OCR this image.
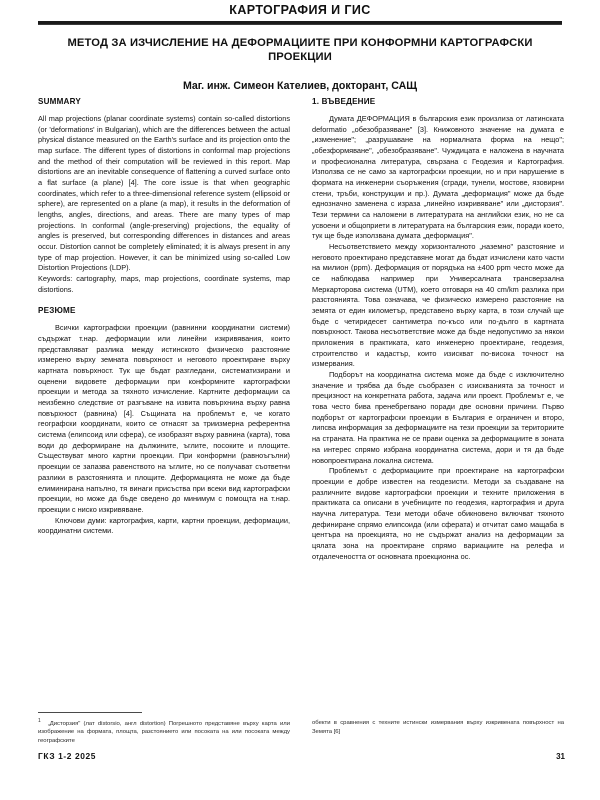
КАРТОГРАФИЯ И ГИС
МЕТОД ЗА ИЗЧИСЛЕНИЕ НА ДЕФОРМАЦИИТЕ ПРИ КОНФОРМНИ КАРТОГРАФСКИ ПРОЕКЦИИ
Маг. инж. Симеон Кателиев, докторант, САЩ
SUMMARY

All map projections (planar coordinate systems) contain so-called distortions (or 'deformations' in Bulgarian), which are the differences between the actual physical distance measured on the Earth's surface and its projection onto the map surface. The different types of distortions in conformal map projections and the method of their computation will be reviewed in this report. Map distortions are an inevitable consequence of flattening a curved surface onto a flat surface (a plane) [4]. The core issue is that when geographic coordinates, which refer to a three-dimensional reference system (ellipsoid or sphere), are represented on a plane (a map), it results in the deformation of lengths, angles, directions, and areas. There are many types of map projections. In conformal (angle-preserving) projections, the equality of angles is preserved, but corresponding differences in distances and areas occur. Distortion cannot be completely eliminated; it is always present in any type of map projection. However, it can be minimized using so-called Low Distortion Projections (LDP).

Keywords: cartography, maps, map projections, coordinate systems, map distortions.

РЕЗЮМЕ

Всички картографски проекции (равнинни координатни системи) съдържат т.нар. деформации или линейни изкривявания, които представляват разлика между истинското физическо разстояние измерено върху земната повърхност и неговото проектиране върху картната повърхност. Тук ще бъдат разгледани, систематизирани и оценени видовете деформации при конформните картографски проекции и метода за тяхното изчисление. Картните деформации са неизбежно следствие от разгъване на извита повърхнина върху равна повърхност (равнина) [4]. Същината на проблемът е, че когато географски координати, които се отнасят за триизмерна референтна система (елипсоид или сфера), се изобразят върху равнина (карта), това води до деформиране на дължините, ъглите, посоките и площите. Съществуват много картни проекции. При конформни (равноъгълни) проекции се запазва равенството на ъглите, но се получават съответни разлики в разстоянията и площите. Деформацията не може да бъде елиминирана напълно, тя винаги присъства при всеки вид картографски проекции, но може да бъде сведено до минимум с помощта на т.нар. проекции с ниско изкривяване.

Ключови думи: картография, карти, картни проекции, деформации, координатни системи.

1. ВЪВЕДЕНИЕ

Думата ДЕФОРМАЦИЯ в българския език произлиза от латинската deformatio „обезобразяване" [3]. Книжовното значение на думата е „изменение"; „разрушаване на нормалната форма на нещо"; „обезформяване", „обезобразяване". Чуждицата е наложена в научната и професионална литература, свързана с Геодезия и Картография. Използва се не само за картографски проекции, но и при нарушение в формата на инженерни съоръжения (сгради, тунели, мостове, язовирни стени, тръби, конструкции и пр.). Думата „деформация" може да бъде еднозначно заменена с израза „линейно изкривяване" или „дисторзия". Тези термини са наложени в литературата на английски език, но не са усвоени и общоприети в литературата на българския език, поради което, тук ще бъде използвана думата „деформация".

Несъответствието между хоризонталното „наземно" разстояние и неговото проектирано представяне могат да бъдат изчислени като части на милион (ppm). Деформация от порядъка на ±400 ppm често може да се наблюдава например при Универсалната трансверзална Меркарторова система (UTM), което отговаря на 40 cm/km разлика при разстоянията. Това означава, че физическо измерено разстояние на земята от един километър, представено върху карта, в този случай ще бъде с четиридесет сантиметра по-късо или по-дълго в картната повърхност. Такова несъответствие може да бъде недопустимо за някои приложения в практиката, като инженерно проектиране, геодезия, строителство и кадастър, които изискват по-висока точност на измервания.

Подборът на координатна система може да бъде с изключително значение и трябва да бъде съобразен с изискванията за точност и прецизност на конкретната работа, задача или проект. Проблемът е, че това често бива пренебрегвано поради две основни причини. Първо подборът от картографски проекции в България е ограничен и второ, липсва информация за деформациите на тези проекции за териториите на страната. На практика не се прави оценка за деформациите в зоната на интерес спрямо избрана координатна система, дори и тя да бъде новопроектирана локална система.

Проблемът с деформациите при проектиране на картографски проекции е добре известен на геодезисти. Методи за създаване на различните видове картографски проекции и техните приложения в практиката са описани в учебниците по геодезия, картография и друга научна литература. Тези методи обаче обикновено включват тяхното дефиниране спрямо елипсоида (или сферата) и отчитат само мащаба в центъра на проекцията, но не съдържат анализ на деформации за цялата зона на проектиране спрямо вариациите на релефа и отдалечеността от основната проекционна ос.

$^1$ „Дисторзия" (лат distorsio, англ distortion) Погрешното представяне върху карта или изображение на формата, площта, разстоянието или посоката на или посоката между географските

обекти в сравнения с техните истински измервания върху изкривената повърхност на Земята [6]

ГКЗ 1-2 2025	31
